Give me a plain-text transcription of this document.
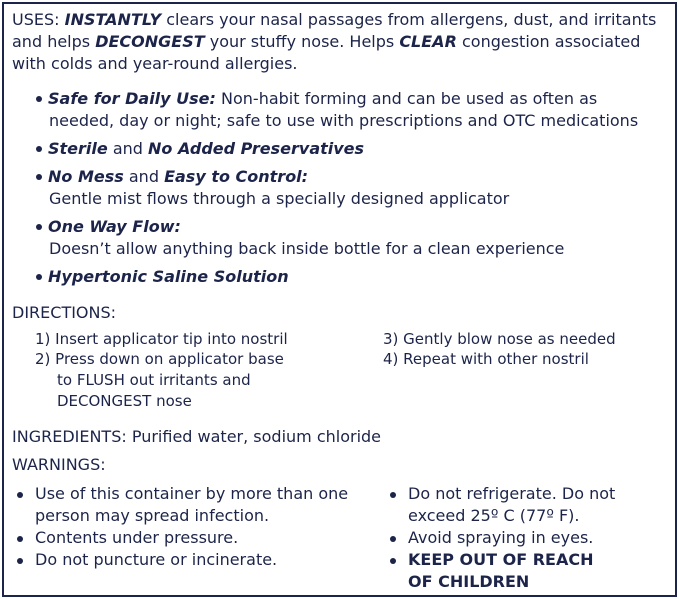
USES: INSTANTLY clears your nasal passages from allergens, dust, and irritants and helps DECONGEST your stuffy nose. Helps CLEAR congestion associated with colds and year-round allergies.
Safe for Daily Use: Non-habit forming and can be used as often as
needed, day or night; safe to use with prescriptions and OTC medications
Sterile and No Added Preservatives
No Mess and Easy to Control:
Gentle mist flows through a specially designed applicator
One Way Flow:
Doesn’t allow anything back inside bottle for a clean experience
Hypertonic Saline Solution
DIRECTIONS:
1) Insert applicator tip into nostril
2) Press down on applicator base
to FLUSH out irritants and
DECONGEST nose
3) Gently blow nose as needed
4) Repeat with other nostril
INGREDIENTS: Purified water, sodium chloride
WARNINGS:
Use of this container by more than one person may spread infection.
Contents under pressure.
Do not puncture or incinerate.
Do not refrigerate. Do not exceed 25º C (77º F).
Avoid spraying in eyes.
KEEP OUT OF REACH OF CHILDREN
